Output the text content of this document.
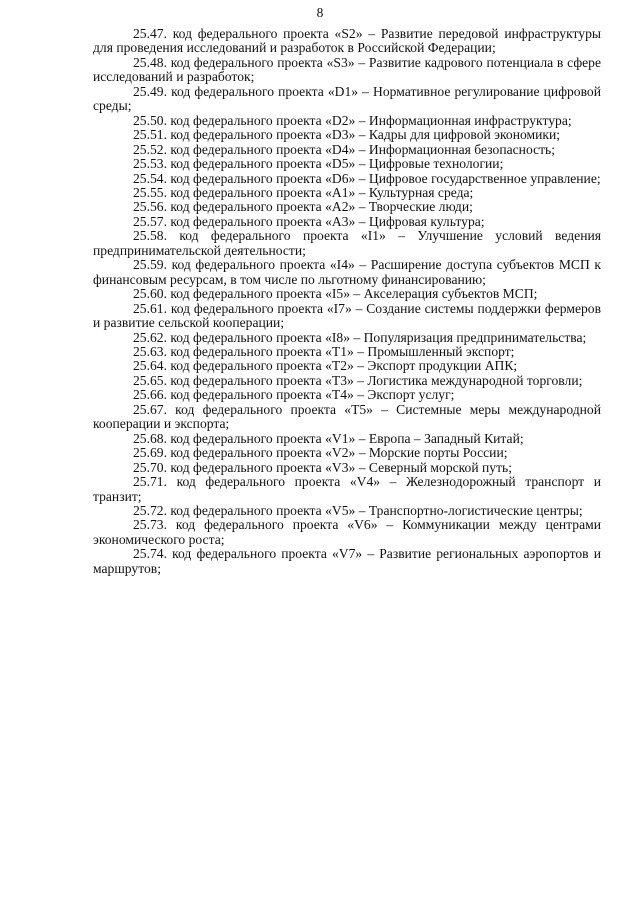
8

25.47. код федерального проекта «S2» – Развитие передовой инфраструктуры для проведения исследований и разработок в Российской Федерации;

25.48. код федерального проекта «S3» – Развитие кадрового потенциала в сфере исследований и разработок;

25.49. код федерального проекта «D1» – Нормативное регулирование цифровой среды;

25.50. код федерального проекта «D2» – Информационная инфраструктура;

25.51. код федерального проекта «D3» – Кадры для цифровой экономики;

25.52. код федерального проекта «D4» – Информационная безопасность;

25.53. код федерального проекта «D5» – Цифровые технологии;

25.54. код федерального проекта «D6» – Цифровое государственное управление;

25.55. код федерального проекта «A1» – Культурная среда;

25.56. код федерального проекта «A2» – Творческие люди;

25.57. код федерального проекта «A3» – Цифровая культура;

25.58. код федерального проекта «I1» – Улучшение условий ведения предпринимательской деятельности;

25.59. код федерального проекта «I4» – Расширение доступа субъектов МСП к финансовым ресурсам, в том числе по льготному финансированию;

25.60. код федерального проекта «I5» – Акселерация субъектов МСП;

25.61. код федерального проекта «I7» – Создание системы поддержки фермеров и развитие сельской кооперации;

25.62. код федерального проекта «I8» – Популяризация предпринимательства;

25.63. код федерального проекта «T1» – Промышленный экспорт;

25.64. код федерального проекта «T2» – Экспорт продукции АПК;

25.65. код федерального проекта «T3» – Логистика международной торговли;

25.66. код федерального проекта «T4» – Экспорт услуг;

25.67. код федерального проекта «T5» – Системные меры международной кооперации и экспорта;

25.68. код федерального проекта «V1» – Европа – Западный Китай;

25.69. код федерального проекта «V2» – Морские порты России;

25.70. код федерального проекта «V3» – Северный морской путь;

25.71. код федерального проекта «V4» – Железнодорожный транспорт и транзит;

25.72. код федерального проекта «V5» – Транспортно-логистические центры;

25.73. код федерального проекта «V6» – Коммуникации между центрами экономического роста;

25.74. код федерального проекта «V7» – Развитие региональных аэропортов и маршрутов;
